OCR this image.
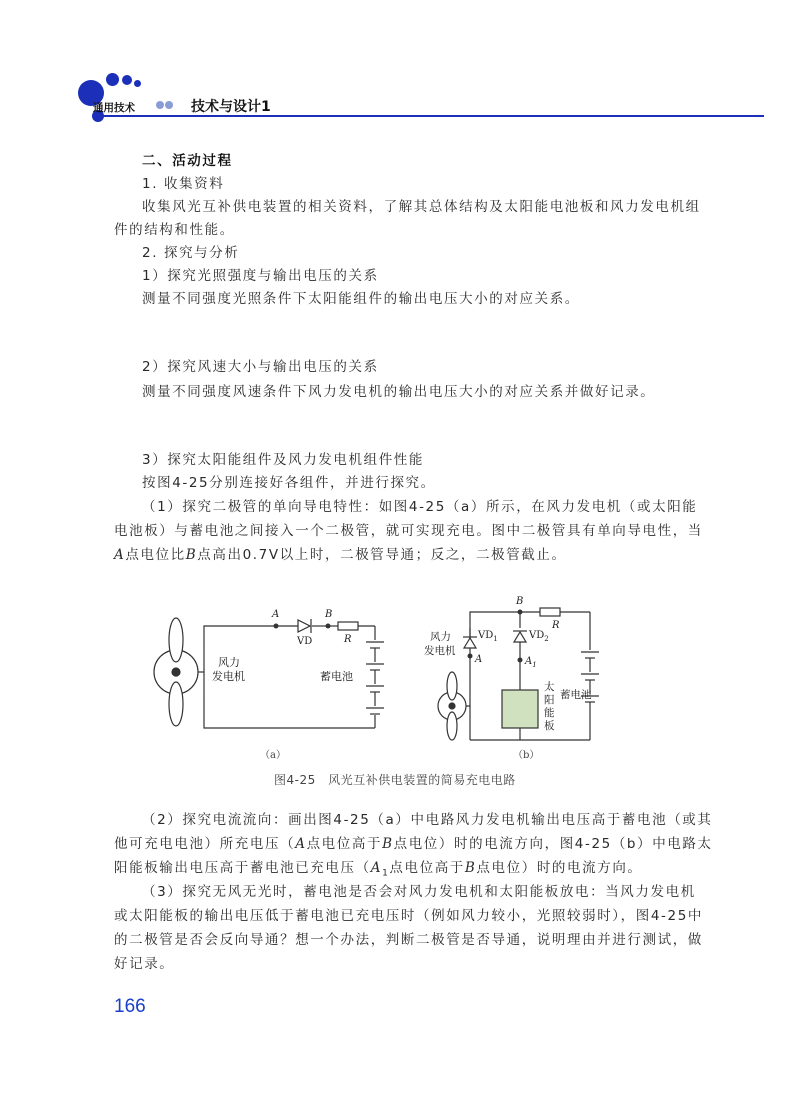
通用技术	技术与设计1
二、活动过程
1. 收集资料
收集风光互补供电装置的相关资料，了解其总体结构及太阳能电池板和风力发电机组
件的结构和性能。
2. 探究与分析
1）探究光照强度与输出电压的关系
测量不同强度光照条件下太阳能组件的输出电压大小的对应关系。
2）探究风速大小与输出电压的关系
测量不同强度风速条件下风力发电机的输出电压大小的对应关系并做好记录。
3）探究太阳能组件及风力发电机组件性能
按图4-25分别连接好各组件，并进行探究。
（1）探究二极管的单向导电特性：如图4-25（a）所示，在风力发电机（或太阳能
电池板）与蓄电池之间接入一个二极管，就可实现充电。图中二极管具有单向导电性，当
A点电位比B点高出0.7V以上时，二极管导通；反之，二极管截止。
A	B
VD	R
风力
发电机	蓄电池
（a）
B
R
$VD_1$	$VD_2$
A	$A_1$
风力
发电机
太
阳
能
板
蓄电池
（b）
图4-25　风光互补供电装置的简易充电电路
（2）探究电流流向：画出图4-25（a）中电路风力发电机输出电压高于蓄电池（或其
他可充电电池）所充电压（A点电位高于B点电位）时的电流方向，图4-25（b）中电路太
阳能板输出电压高于蓄电池已充电压（$A_1$点电位高于B点电位）时的电流方向。
（3）探究无风无光时，蓄电池是否会对风力发电机和太阳能板放电：当风力发电机
或太阳能板的输出电压低于蓄电池已充电压时（例如风力较小，光照较弱时），图4-25中
的二极管是否会反向导通？想一个办法，判断二极管是否导通，说明理由并进行测试，做
好记录。
166
